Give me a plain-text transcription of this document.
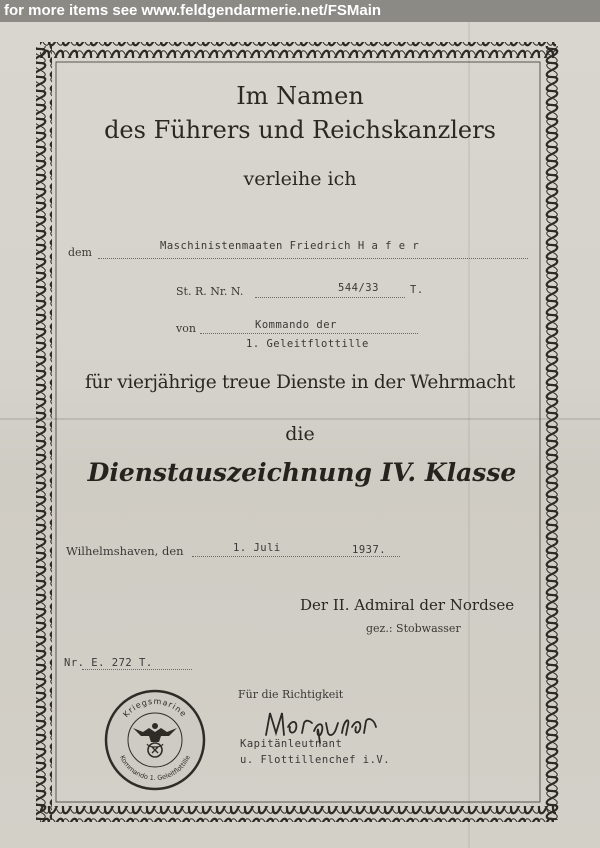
for more items see www.feldgendarmerie.net/FSMain
Im Namen
des Führers und Reichskanzlers
verleihe ich
dem	Maschinistenmaaten Friedrich H a f e r
St. R. Nr. N.	544/33	T.
von	Kommando der
1. Geleitflottille
für vierjährige treue Dienste in der Wehrmacht
die
Dienstauszeichnung IV. Klasse
Wilhelmshaven, den	1. Juli	1937.
Der II. Admiral der Nordsee
gez.: Stobwasser
Nr. E. 272 T.
Für die Richtigkeit
Kapitänleutnant
u. Flottillenchef i.V.
Kriegsmarine
Kommando 1. Geleitflottille
